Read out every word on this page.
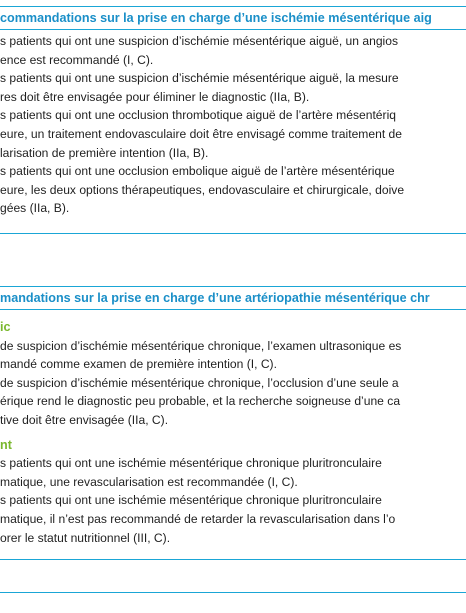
commandations sur la prise en charge d’une ischémie mésentérique aig
s patients qui ont une suspicion d’ischémie mésentérique aiguë, un angios
ence est recommandé (I, C).
s patients qui ont une suspicion d’ischémie mésentérique aiguë, la mesure
res doit être envisagée pour éliminer le diagnostic (IIa, B).
s patients qui ont une occlusion thrombotique aiguë de l’artère mésentériq
eure, un traitement endovasculaire doit être envisagé comme traitement de
larisation de première intention (IIa, B).
s patients qui ont une occlusion embolique aiguë de l’artère mésentérique
eure, les deux options thérapeutiques, endovasculaire et chirurgicale, doive
gées (IIa, B).
mandations sur la prise en charge d’une artériopathie mésentérique chr
ic
de suspicion d’ischémie mésentérique chronique, l’examen ultrasonique es
mandé comme examen de première intention (I, C).
de suspicion d’ischémie mésentérique chronique, l’occlusion d’une seule a
érique rend le diagnostic peu probable, et la recherche soigneuse d’une ca
tive doit être envisagée (IIa, C).
nt
s patients qui ont une ischémie mésentérique chronique pluritronculaire
matique, une revascularisation est recommandée (I, C).
s patients qui ont une ischémie mésentérique chronique pluritronculaire
matique, il n’est pas recommandé de retarder la revascularisation dans l’o
orer le statut nutritionnel (III, C).
